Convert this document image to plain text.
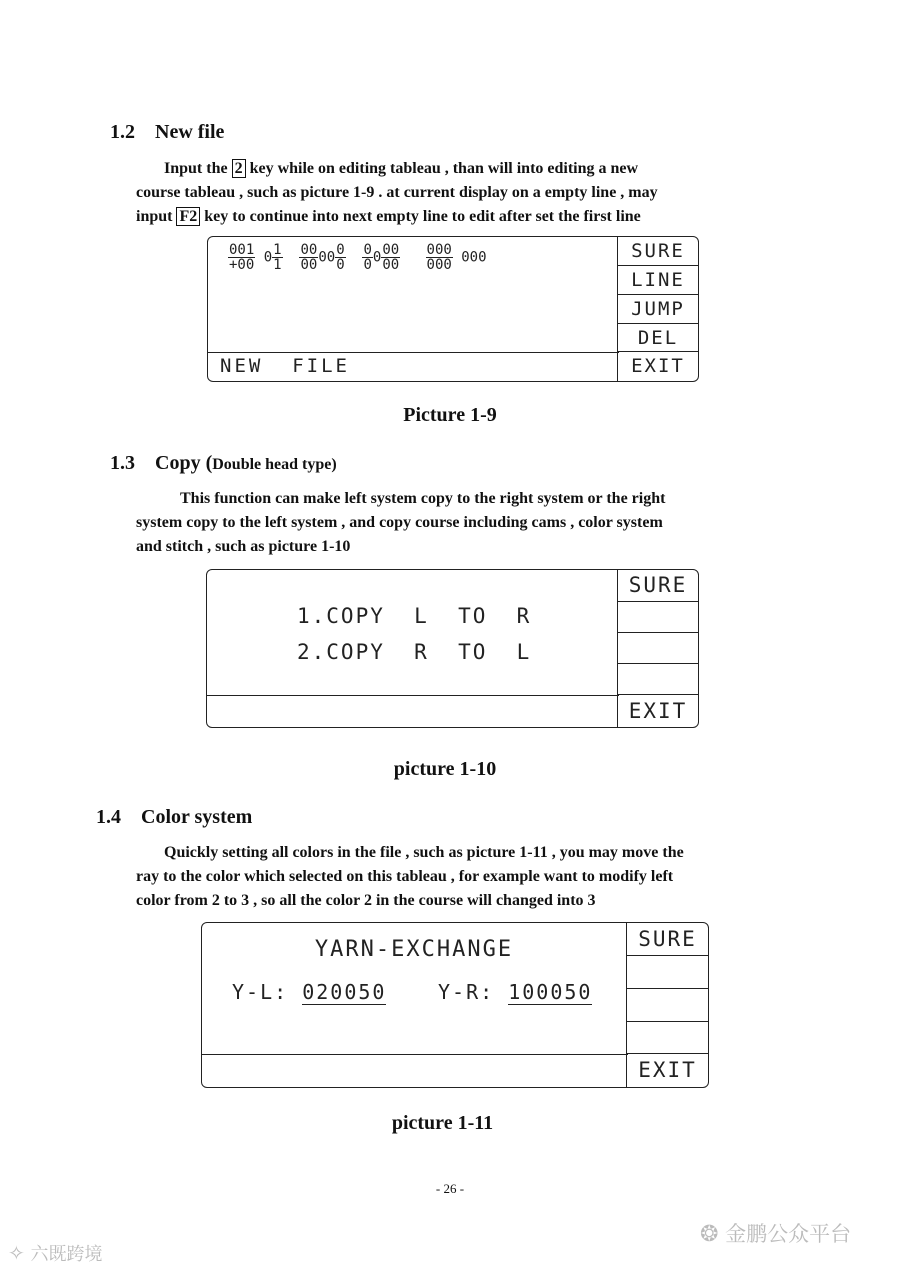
1.2 New file
Input the 2 key while on editing tableau , than will into editing a new
course tableau , such as picture 1-9 . at current display on a empty line , may
input F2 key to continue into next empty line to edit after set the first line
$\frac{001}{+00} 0 \frac{1}{1}$
$\frac{00}{00} 00 \frac{0}{0}$
$\frac{0}{0} 0 \frac{00}{00}$
$\frac{000}{000} 000$
NEW  FILE
SURE
LINE
JUMP
DEL
EXIT
Picture 1-9
1.3 Copy (Double head type)
This function can make left system copy to the right system or the right
system copy to the left system , and copy course including cams , color system
and stitch , such as picture 1-10
1.COPY  L  TO  R
2.COPY  R  TO  L
SURE
EXIT
picture 1-10
1.4 Color system
Quickly setting all colors in the file , such as picture 1-11 , you may move the
ray to the color which selected on this tableau , for example want to modify left
color from 2 to 3 , so all the color 2 in the course will changed into 3
YARN-EXCHANGE
Y-L: 020050	Y-R: 100050
SURE
EXIT
picture 1-11
- 26 -
✧ 六既跨境
❂ 金鹏公众平台
